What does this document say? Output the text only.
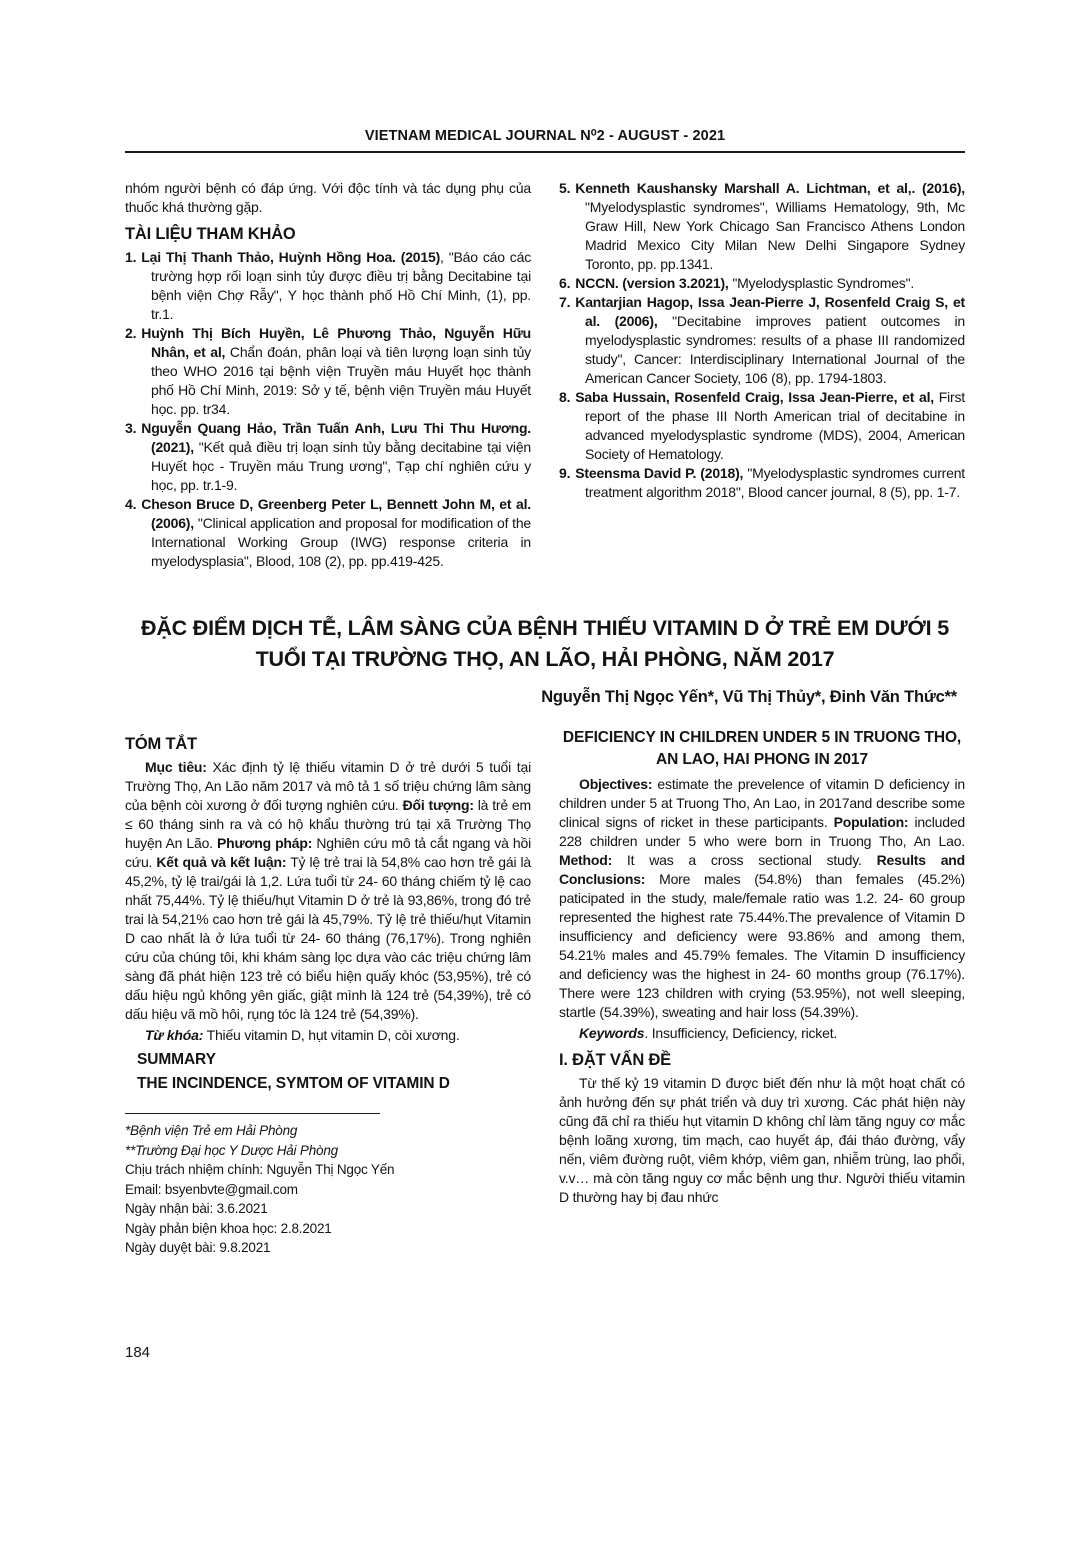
VIETNAM MEDICAL JOURNAL N⁰2 - AUGUST - 2021

nhóm người bệnh có đáp ứng. Với độc tính và tác dụng phụ của thuốc khá thường gặp.

TÀI LIỆU THAM KHẢO

1. Lại Thị Thanh Thảo, Huỳnh Hồng Hoa. (2015), "Báo cáo các trường hợp rối loạn sinh tủy được điều trị bằng Decitabine tại bệnh viện Chợ Rẫy", Y học thành phố Hồ Chí Minh, (1), pp. tr.1.

2. Huỳnh Thị Bích Huyền, Lê Phương Thảo, Nguyễn Hữu Nhân, et al, Chẩn đoán, phân loại và tiên lượng loạn sinh tủy theo WHO 2016 tại bệnh viện Truyền máu Huyết học thành phố Hồ Chí Minh, 2019: Sở y tế, bệnh viện Truyền máu Huyết học. pp. tr34.

3. Nguyễn Quang Hảo, Trần Tuấn Anh, Lưu Thi Thu Hương. (2021), "Kết quả điều trị loạn sinh tủy bằng decitabine tại viện Huyết học - Truyền máu Trung ương", Tạp chí nghiên cứu y học, pp. tr.1-9.

4. Cheson Bruce D, Greenberg Peter L, Bennett John M, et al. (2006), "Clinical application and proposal for modification of the International Working Group (IWG) response criteria in myelodysplasia", Blood, 108 (2), pp. pp.419-425.

5. Kenneth Kaushansky Marshall A. Lichtman, et al,. (2016), "Myelodysplastic syndromes", Williams Hematology, 9th, Mc Graw Hill, New York Chicago San Francisco Athens London Madrid Mexico City Milan New Delhi Singapore Sydney Toronto, pp. pp.1341.

6. NCCN. (version 3.2021), "Myelodysplastic Syndromes".

7. Kantarjian Hagop, Issa Jean-Pierre J, Rosenfeld Craig S, et al. (2006), "Decitabine improves patient outcomes in myelodysplastic syndromes: results of a phase III randomized study", Cancer: Interdisciplinary International Journal of the American Cancer Society, 106 (8), pp. 1794-1803.

8. Saba Hussain, Rosenfeld Craig, Issa Jean-Pierre, et al, First report of the phase III North American trial of decitabine in advanced myelodysplastic syndrome (MDS), 2004, American Society of Hematology.

9. Steensma David P. (2018), "Myelodysplastic syndromes current treatment algorithm 2018", Blood cancer journal, 8 (5), pp. 1-7.

ĐẶC ĐIỂM DỊCH TỄ, LÂM SÀNG CỦA BỆNH THIẾU VITAMIN D Ở TRẺ EM DƯỚI 5 TUỔI TẠI TRƯỜNG THỌ, AN LÃO, HẢI PHÒNG, NĂM 2017
Nguyễn Thị Ngọc Yến*, Vũ Thị Thủy*, Đinh Văn Thức**
TÓM TẮT

Mục tiêu: Xác định tỷ lệ thiếu vitamin D ở trẻ dưới 5 tuổi tại Trường Thọ, An Lão năm 2017 và mô tả 1 số triệu chứng lâm sàng của bệnh còi xương ở đối tượng nghiên cứu. Đối tượng: là trẻ em ≤ 60 tháng sinh ra và có hộ khẩu thường trú tại xã Trường Thọ huyện An Lão. Phương pháp: Nghiên cứu mô tả cắt ngang và hồi cứu. Kết quả và kết luận: Tỷ lệ trẻ trai là 54,8% cao hơn trẻ gái là 45,2%, tỷ lệ trai/gái là 1,2. Lứa tuổi từ 24- 60 tháng chiếm tỷ lệ cao nhất 75,44%. Tỷ lệ thiếu/hụt Vitamin D ở trẻ là 93,86%, trong đó trẻ trai là 54,21% cao hơn trẻ gái là 45,79%. Tỷ lệ trẻ thiếu/hụt Vitamin D cao nhất là ở lứa tuổi từ 24- 60 tháng (76,17%). Trong nghiên cứu của chúng tôi, khi khám sàng lọc dựa vào các triệu chứng lâm sàng đã phát hiện 123 trẻ có biểu hiện quấy khóc (53,95%), trẻ có dấu hiệu ngủ không yên giấc, giật mình là 124 trẻ (54,39%), trẻ có dấu hiệu vã mồ hôi, rụng tóc là 124 trẻ (54,39%).

Từ khóa: Thiếu vitamin D, hụt vitamin D, còi xương.

SUMMARY
THE INCINDENCE, SYMTOM OF VITAMIN D

*Bệnh viện Trẻ em Hải Phòng

**Trường Đại học Y Dược Hải Phòng

Chịu trách nhiệm chính: Nguyễn Thị Ngọc Yến

Email: bsyenbvte@gmail.com

Ngày nhận bài: 3.6.2021

Ngày phản biện khoa học: 2.8.2021

Ngày duyệt bài: 9.8.2021

DEFICIENCY IN CHILDREN UNDER 5 IN TRUONG THO, AN LAO, HAI PHONG IN 2017

Objectives: estimate the prevelence of vitamin D deficiency in children under 5 at Truong Tho, An Lao, in 2017and describe some clinical signs of ricket in these participants. Population: included 228 children under 5 who were born in Truong Tho, An Lao. Method: It was a cross sectional study. Results and Conclusions: More males (54.8%) than females (45.2%) paticipated in the study, male/female ratio was 1.2. 24- 60 group represented the highest rate 75.44%.The prevalence of Vitamin D insufficiency and deficiency were 93.86% and among them, 54.21% males and 45.79% females. The Vitamin D insufficiency and deficiency was the highest in 24- 60 months group (76.17%). There were 123 children with crying (53.95%), not well sleeping, startle (54.39%), sweating and hair loss (54.39%).

Keywords. Insufficiency, Deficiency, ricket.

I. ĐẶT VẤN ĐỀ

Từ thế kỷ 19 vitamin D được biết đến như là một hoạt chất có ảnh hưởng đến sự phát triển và duy trì xương. Các phát hiện này cũng đã chỉ ra thiếu hụt vitamin D không chỉ làm tăng nguy cơ mắc bệnh loãng xương, tim mạch, cao huyết áp, đái tháo đường, vẩy nến, viêm đường ruột, viêm khớp, viêm gan, nhiễm trùng, lao phổi, v.v… mà còn tăng nguy cơ mắc bệnh ung thư. Người thiếu vitamin D thường hay bị đau nhức

184
